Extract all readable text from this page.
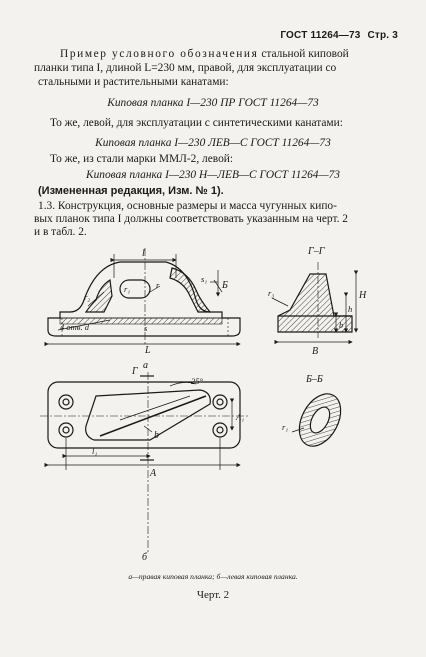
ГОСТ 11264—73 Стр. 3
Пример условного обозначения стальной киповой
планки типа I, длиной L=230 мм, правой, для эксплуатации со
стальными и растительными канатами:
Киповая планка I—230 ПР ГОСТ 11264—73
То же, левой, для эксплуатации с синтетическими канатами:
Киповая планка I—230 ЛЕВ—С ГОСТ 11264—73
То же, из стали марки ММЛ-2, левой:
Киповая планка I—230 Н—ЛЕВ—С ГОСТ 11264—73
(Измененная редакция, Изм. № 1).
1.3. Конструкция, основные размеры и масса чугунных кипо-
вых планок типа I должны соответствовать указанным на черт. 2
и в табл. 2.
l
L
r
s₁
Б
r₁
r₂
s
4 отв. d
а
Г–Г
B
b
H
h
r₃
Г
25°
A
A₁
l₁
b
б
Б–Б
r₁
а—правая киповая планка; б—левая киповая планка.
Черт. 2
